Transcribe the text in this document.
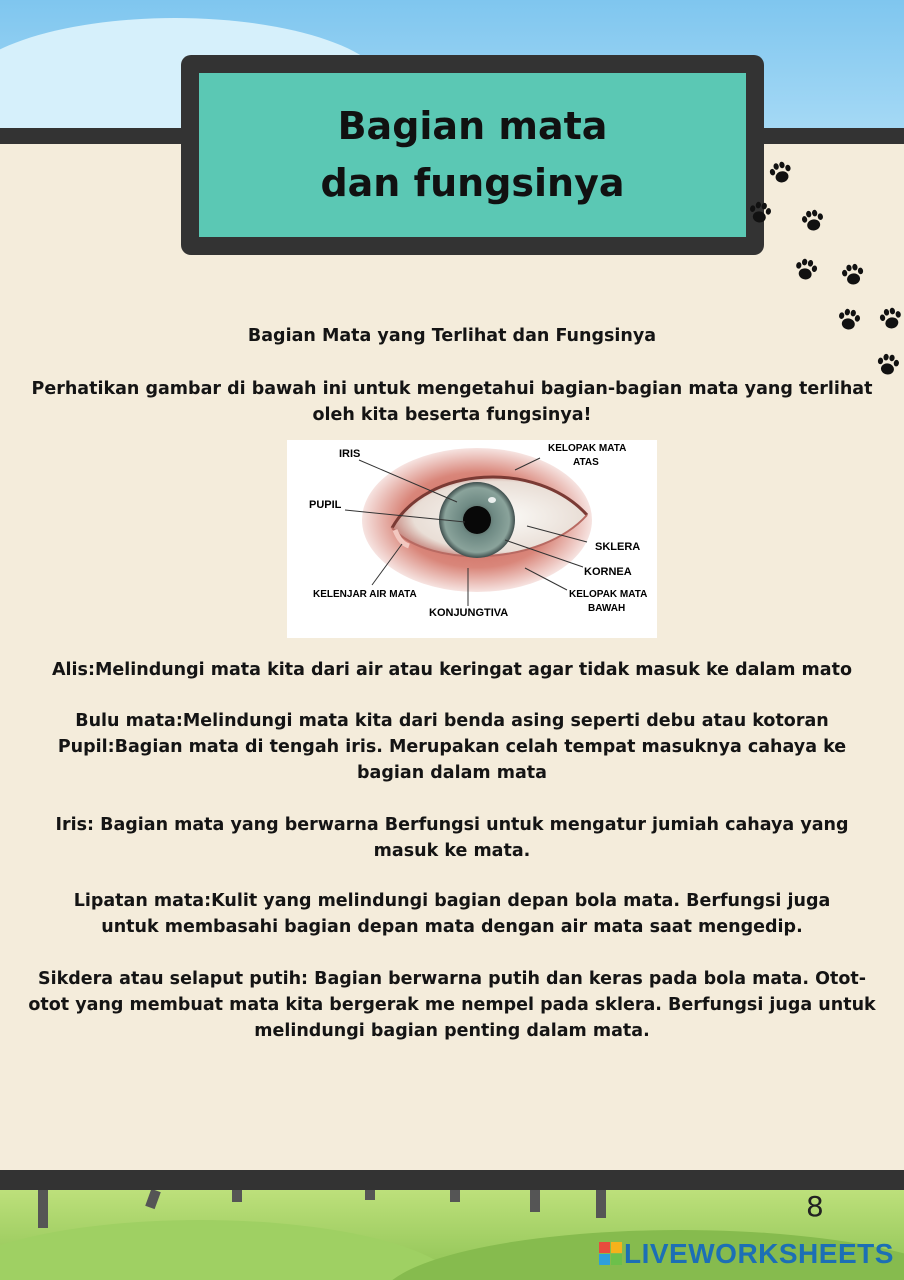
Bagian mata dan fungsinya

Bagian Mata yang Terlihat dan Fungsinya

Perhatikan gambar di bawah ini untuk mengetahui bagian-bagian mata yang terlihat oleh kita beserta fungsinya!

IRIS	KELOPAK MATA
ATAS
PUPIL
SKLERA
KORNEA
KELENJAR AIR MATA	KELOPAK MATA
BAWAH
KONJUNGTIVA

Alis:Melindungi mata kita dari air atau keringat agar tidak masuk ke dalam mato

Bulu mata:Melindungi mata kita dari benda asing seperti debu atau kotoran

Pupil:Bagian mata di tengah iris. Merupakan celah tempat masuknya cahaya ke bagian dalam mata

Iris: Bagian mata yang berwarna Berfungsi untuk mengatur jumiah cahaya yang masuk ke mata.

Lipatan mata:Kulit yang melindungi bagian depan bola mata. Berfungsi juga untuk membasahi bagian depan mata dengan air mata saat mengedip.

Sikdera atau selaput putih: Bagian berwarna putih dan keras pada bola mata. Otot-otot yang membuat mata kita bergerak me nempel pada sklera. Berfungsi juga untuk melindungi bagian penting dalam mata.

8
LIVEWORKSHEETS
